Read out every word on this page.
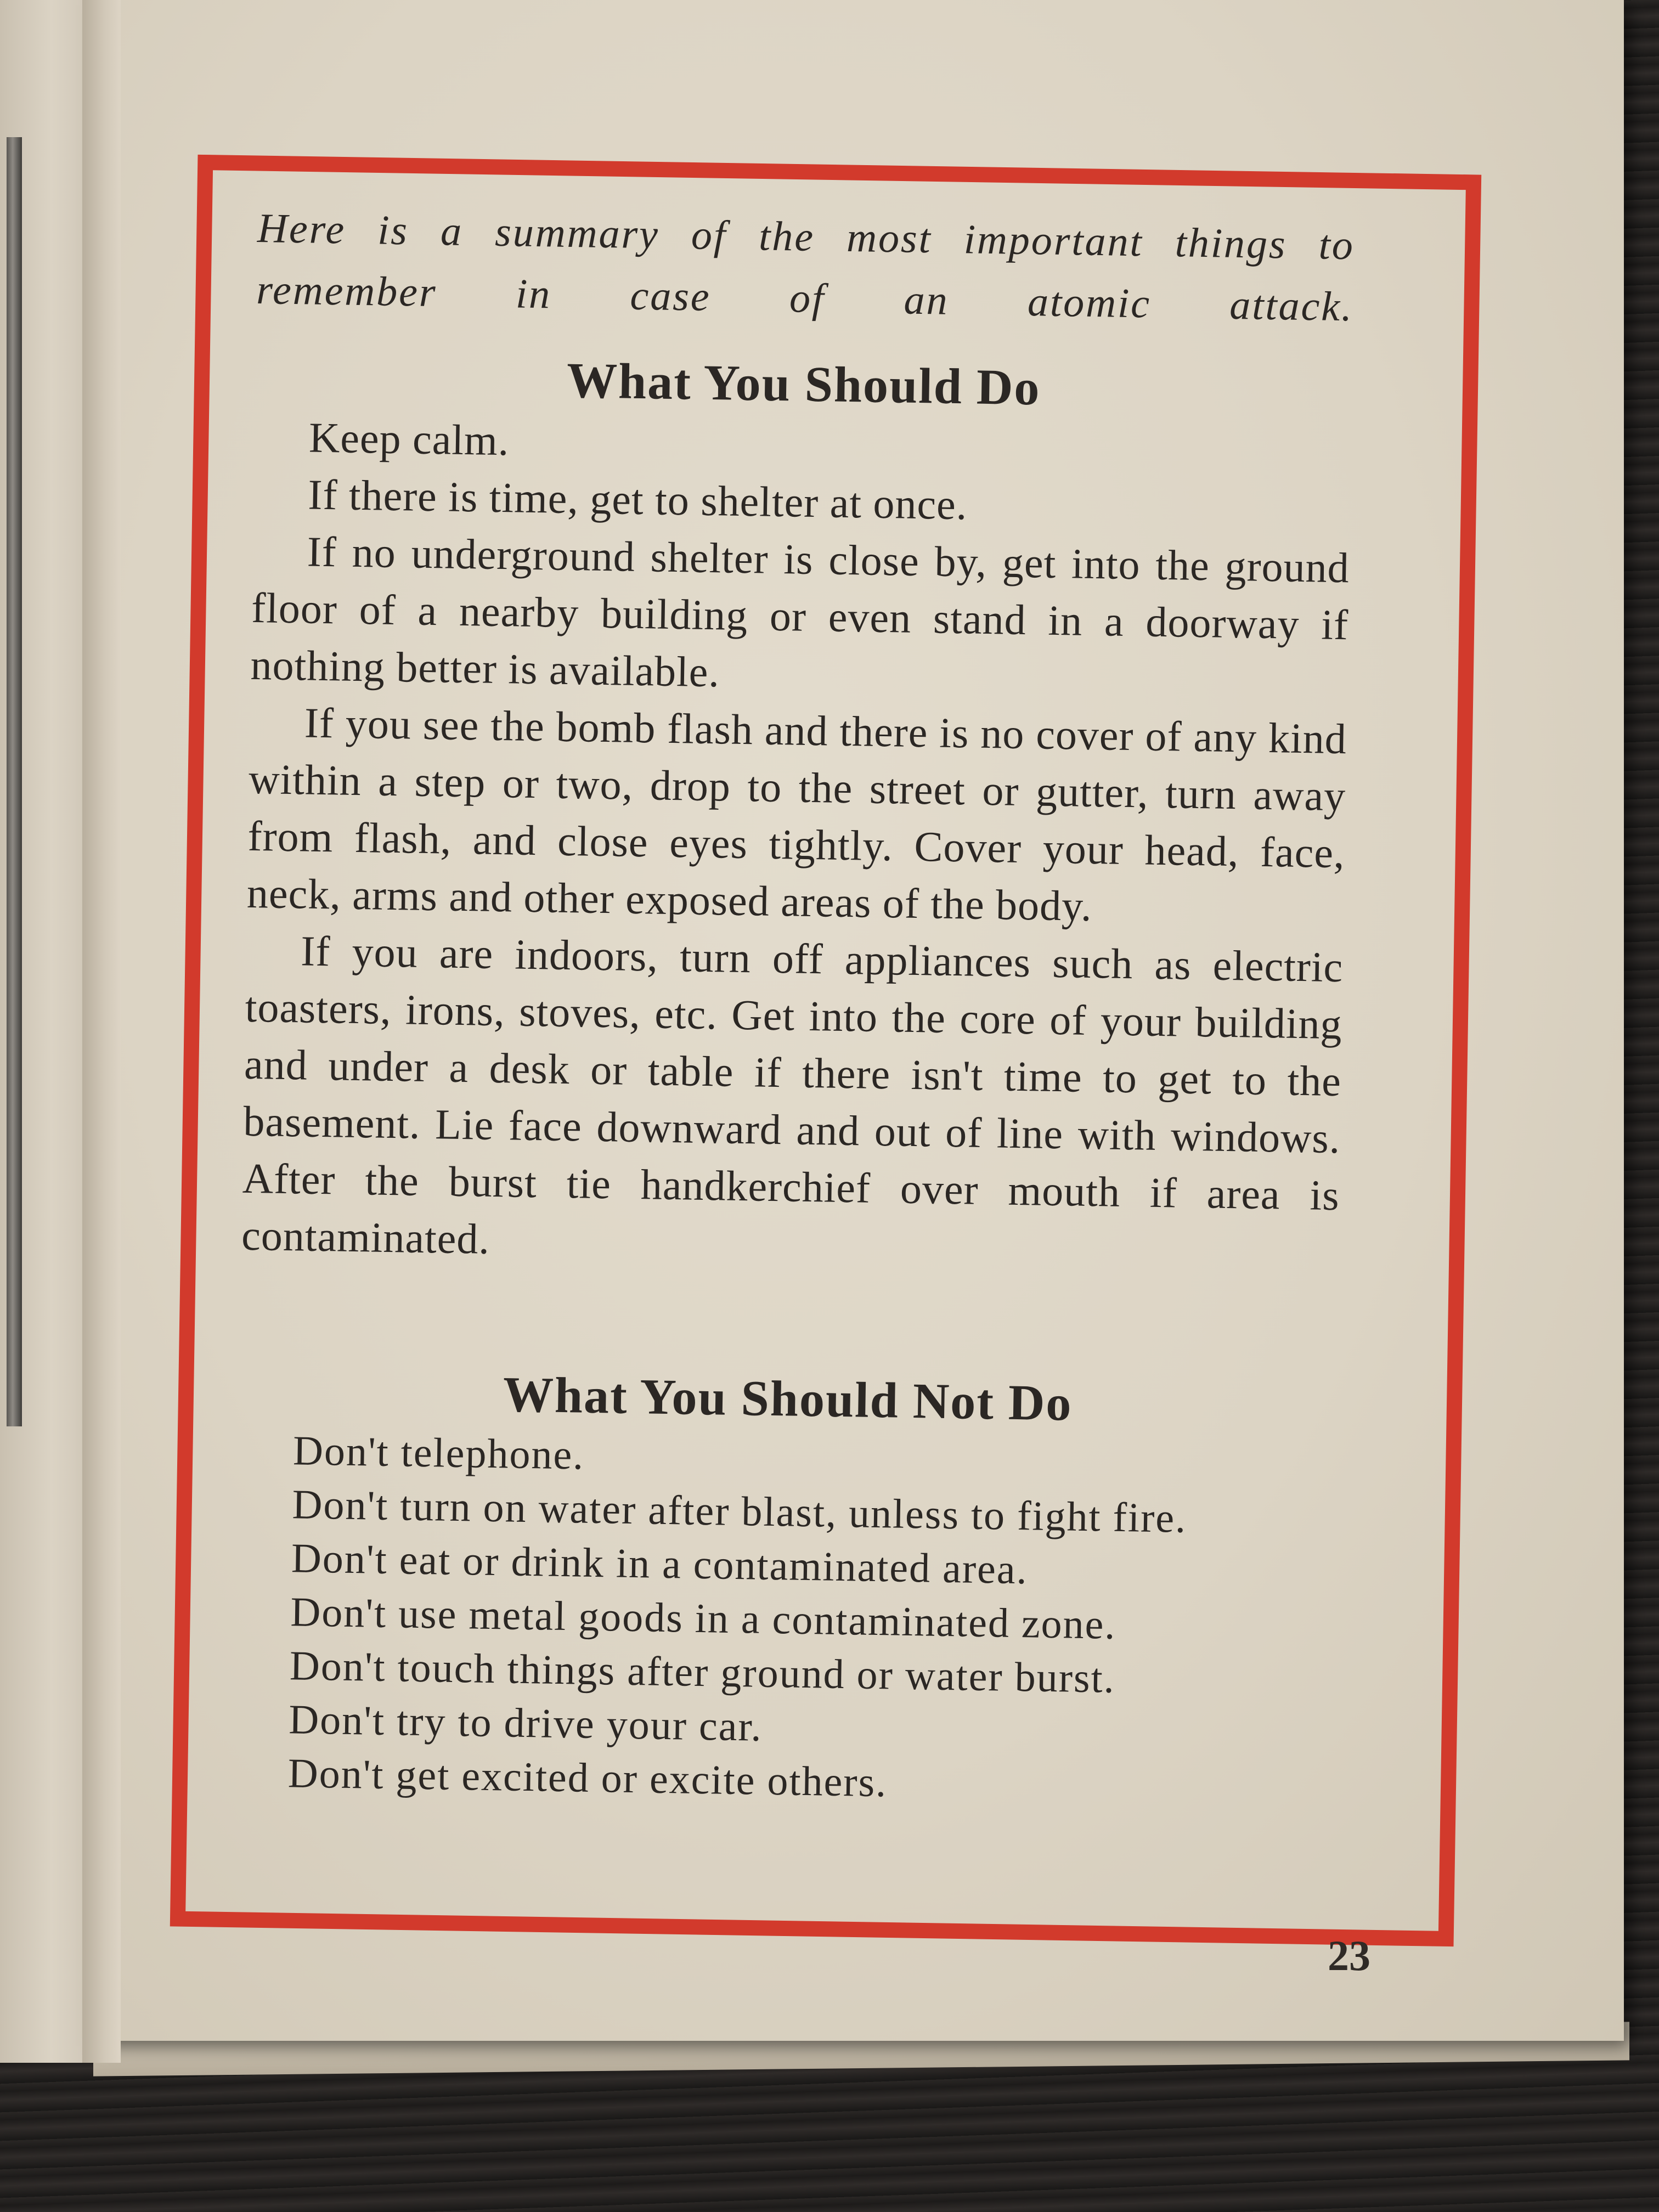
Here is a summary of the most important things to remember in case of an atomic attack.

What You Should Do

Keep calm.

If there is time, get to shelter at once.

If no underground shelter is close by, get into the ground floor of a nearby building or even stand in a doorway if nothing better is available.

If you see the bomb flash and there is no cover of any kind within a step or two, drop to the street or gutter, turn away from flash, and close eyes tightly. Cover your head, face, neck, arms and other exposed areas of the body.

If you are indoors, turn off appliances such as electric toasters, irons, stoves, etc. Get into the core of your building and under a desk or table if there isn't time to get to the basement. Lie face downward and out of line with windows. After the burst tie handkerchief over mouth if area is contaminated.

What You Should Not Do

Don't telephone.

Don't turn on water after blast, unless to fight fire.

Don't eat or drink in a contaminated area.

Don't use metal goods in a contaminated zone.

Don't touch things after ground or water burst.

Don't try to drive your car.

Don't get excited or excite others.

23
